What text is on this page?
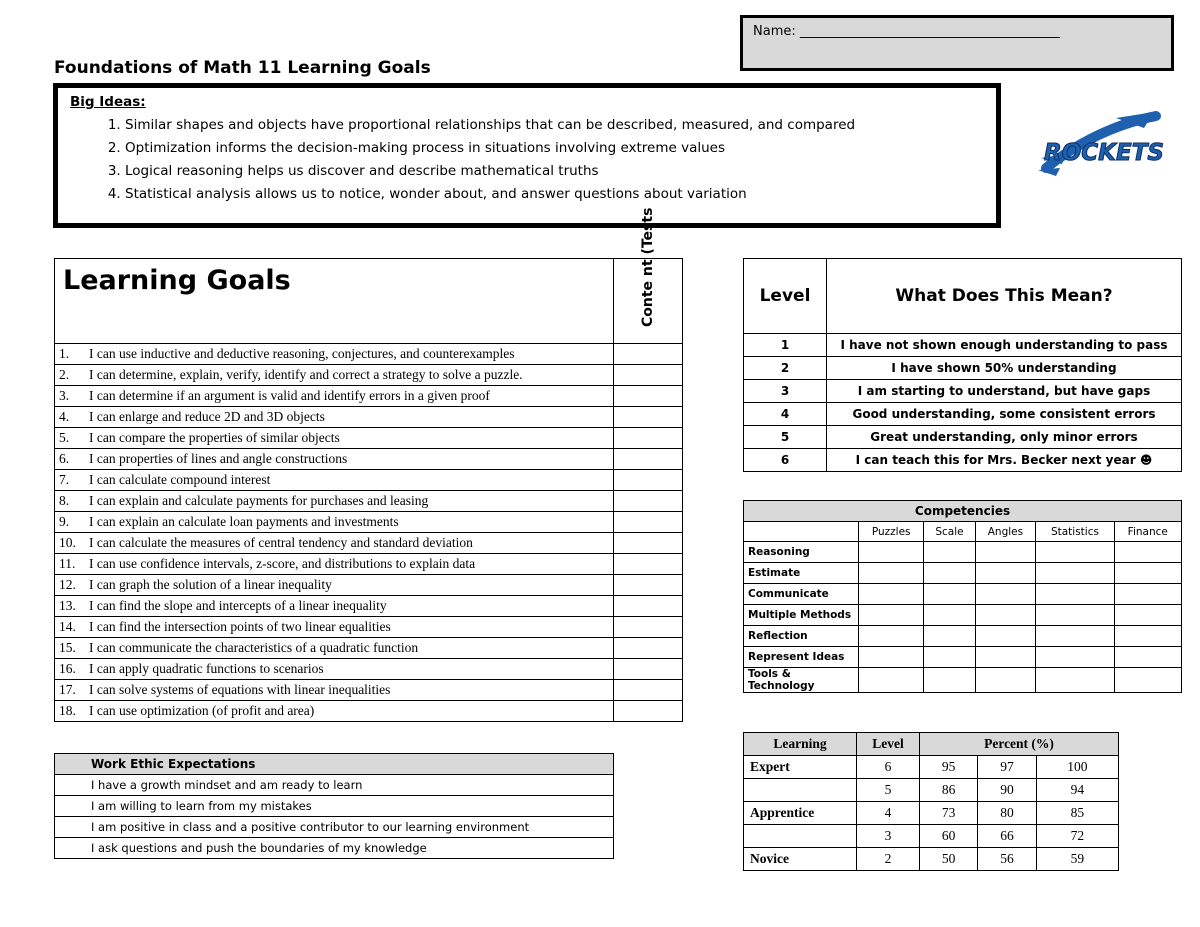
Name: ________________________________________
Foundations of Math 11 Learning Goals
Big Ideas:
1. Similar shapes and objects have proportional relationships that can be described, measured, and compared
2. Optimization informs the decision-making process in situations involving extreme values
3. Logical reasoning helps us discover and describe mathematical truths
4. Statistical analysis allows us to notice, wonder about, and answer questions about variation
ROCKETS
Learning Goals	Conte nt (Tests

1. I can use inductive and deductive reasoning, conjectures, and counterexamples	
2. I can determine, explain, verify, identify and correct a strategy to solve a puzzle.	
3. I can determine if an argument is valid and identify errors in a given proof	
4. I can enlarge and reduce 2D and 3D objects	
5. I can compare the properties of similar objects	
6. I can properties of lines and angle constructions	
7. I can calculate compound interest	
8. I can explain and calculate payments for purchases and leasing	
9. I can explain an calculate loan payments and investments	
10. I can calculate the measures of central tendency and standard deviation	
11. I can use confidence intervals, z-score, and distributions to explain data	
12. I can graph the solution of a linear inequality	
13. I can find the slope and intercepts of a linear inequality	
14. I can find the intersection points of two linear equalities	
15. I can communicate the characteristics of a quadratic function	
16. I can apply quadratic functions to scenarios	
17. I can solve systems of equations with linear inequalities	
18. I can use optimization (of profit and area)	
Level	What Does This Mean?
1	I have not shown enough understanding to pass
2	I have shown 50% understanding
3	I am starting to understand, but have gaps
4	Good understanding, some consistent errors
5	Great understanding, only minor errors
6	I can teach this for Mrs. Becker next year ☻
Competencies					
	Puzzles	Scale	Angles	Statistics	Finance
Reasoning					
Estimate					
Communicate					
Multiple Methods					
Reflection					
Represent Ideas					
Tools & Technology					
Work Ethic Expectations
I have a growth mindset and am ready to learn
I am willing to learn from my mistakes
I am positive in class and a positive contributor to our learning environment
I ask questions and push the boundaries of my knowledge
Learning	Level	Percent (%)		
Expert	6	95	97	100
	5	86	90	94
Apprentice	4	73	80	85
	3	60	66	72
Novice	2	50	56	59
